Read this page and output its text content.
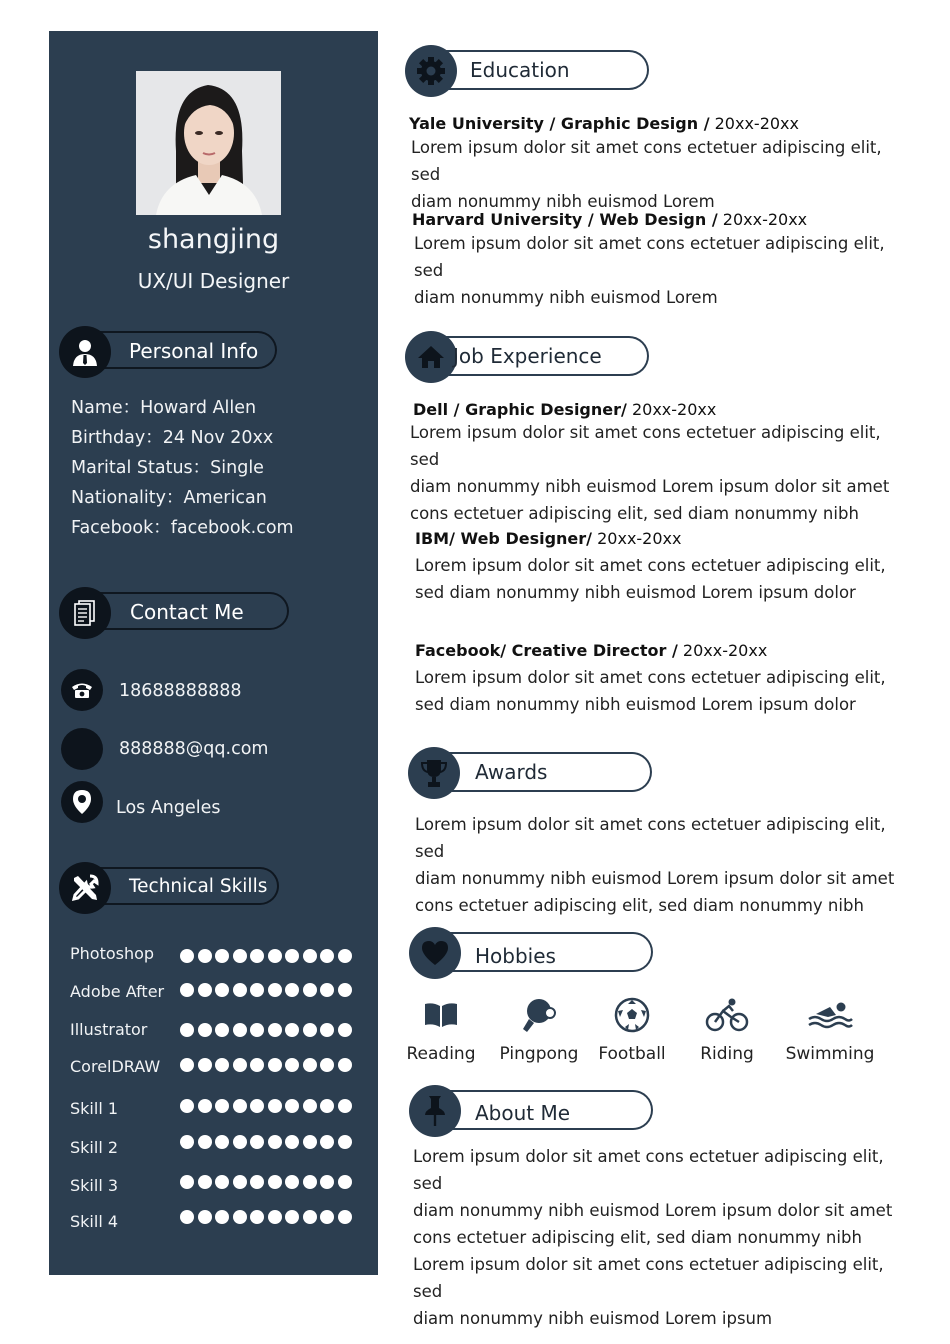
shangjing
UX/UI Designer
Personal Info
Name：Howard Allen
Birthday：24 Nov 20xx
Marital Status：Single
Nationality：American
Facebook：facebook.com
Contact Me
18688888888
888888@qq.com
Los Angeles
Technical Skills
Photoshop
Adobe After
Illustrator
CorelDRAW
Skill 1
Skill 2
Skill 3
Skill 4
Education
Yale University / Graphic Design / 20xx-20xx
Lorem ipsum dolor sit amet cons ectetuer adipiscing elit, sed
diam nonummy nibh euismod Lorem
Harvard University / Web Design / 20xx-20xx
Lorem ipsum dolor sit amet cons ectetuer adipiscing elit, sed
diam nonummy nibh euismod Lorem
Job Experience
Dell / Graphic Designer/ 20xx-20xx
Lorem ipsum dolor sit amet cons ectetuer adipiscing elit, sed
diam nonummy nibh euismod Lorem ipsum dolor sit amet
cons ectetuer adipiscing elit, sed diam nonummy nibh
IBM/ Web Designer/ 20xx-20xx
Lorem ipsum dolor sit amet cons ectetuer adipiscing elit,
sed diam nonummy nibh euismod Lorem ipsum dolor
Facebook/ Creative Director / 20xx-20xx
Lorem ipsum dolor sit amet cons ectetuer adipiscing elit,
sed diam nonummy nibh euismod Lorem ipsum dolor
Awards
Lorem ipsum dolor sit amet cons ectetuer adipiscing elit, sed
diam nonummy nibh euismod Lorem ipsum dolor sit amet
cons ectetuer adipiscing elit, sed diam nonummy nibh
Hobbies
Reading	Pingpong	Football	Riding	Swimming
About Me
Lorem ipsum dolor sit amet cons ectetuer adipiscing elit, sed
diam nonummy nibh euismod Lorem ipsum dolor sit amet
cons ectetuer adipiscing elit, sed diam nonummy nibh
Lorem ipsum dolor sit amet cons ectetuer adipiscing elit, sed
diam nonummy nibh euismod Lorem ipsum
